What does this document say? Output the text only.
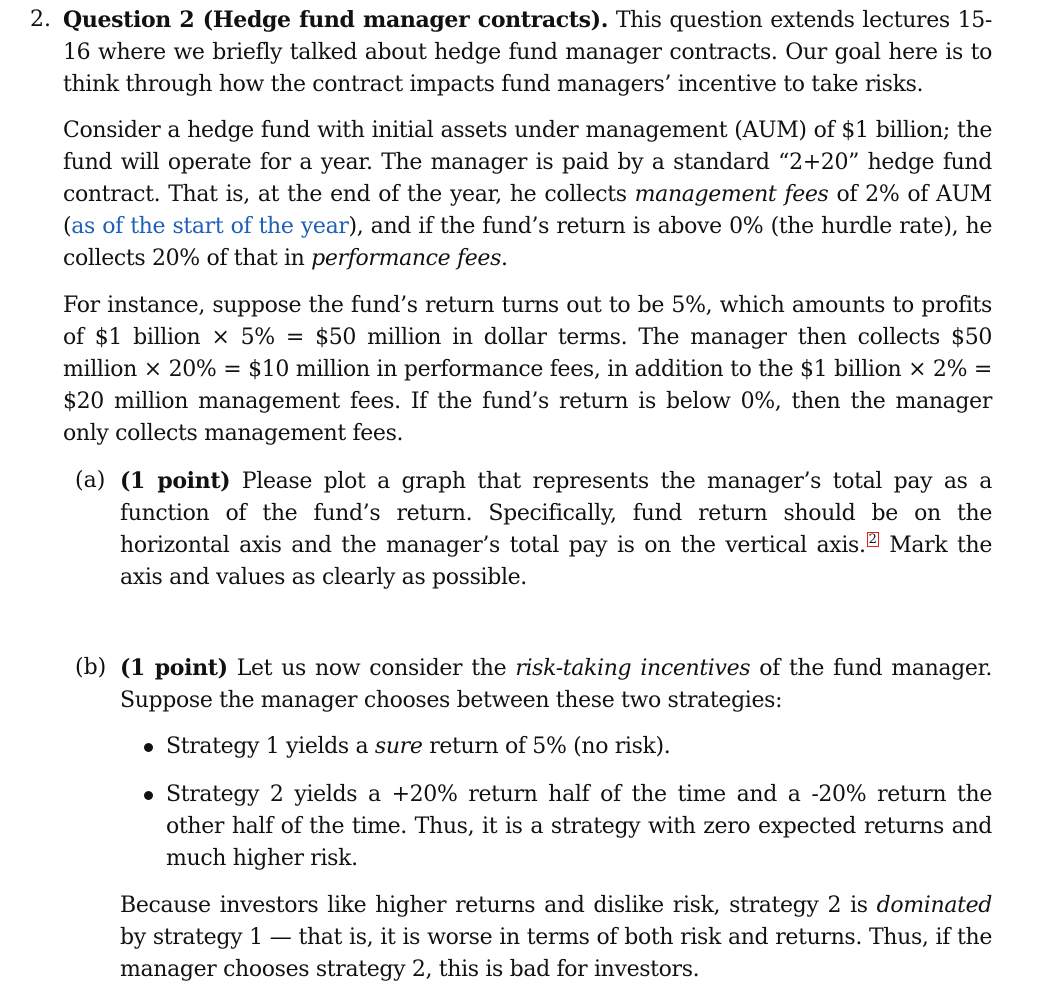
2. Question 2 (Hedge fund manager contracts). This question extends lectures 15-16 where we briefly talked about hedge fund manager contracts. Our goal here is to think through how the contract impacts fund managers’ incentive to take risks.
Consider a hedge fund with initial assets under management (AUM) of $1 billion; the fund will operate for a year. The manager is paid by a standard “2+20” hedge fund contract. That is, at the end of the year, he collects management fees of 2% of AUM (as of the start of the year), and if the fund’s return is above 0% (the hurdle rate), he collects 20% of that in performance fees.
For instance, suppose the fund’s return turns out to be 5%, which amounts to profits of $1 billion × 5% = $50 million in dollar terms. The manager then collects $50 million × 20% = $10 million in performance fees, in addition to the $1 billion × 2% = $20 million management fees. If the fund’s return is below 0%, then the manager only collects management fees.
(a) (1 point) Please plot a graph that represents the manager’s total pay as a function of the fund’s return. Specifically, fund return should be on the horizontal axis and the manager’s total pay is on the vertical axis. 2 Mark the axis and values as clearly as possible.
(b) (1 point) Let us now consider the risk-taking incentives of the fund manager. Suppose the manager chooses between these two strategies:
Strategy 1 yields a sure return of 5% (no risk).
Strategy 2 yields a +20% return half of the time and a -20% return the other half of the time. Thus, it is a strategy with zero expected returns and much higher risk.
Because investors like higher returns and dislike risk, strategy 2 is dominated by strategy 1 — that is, it is worse in terms of both risk and returns. Thus, if the manager chooses strategy 2, this is bad for investors.
